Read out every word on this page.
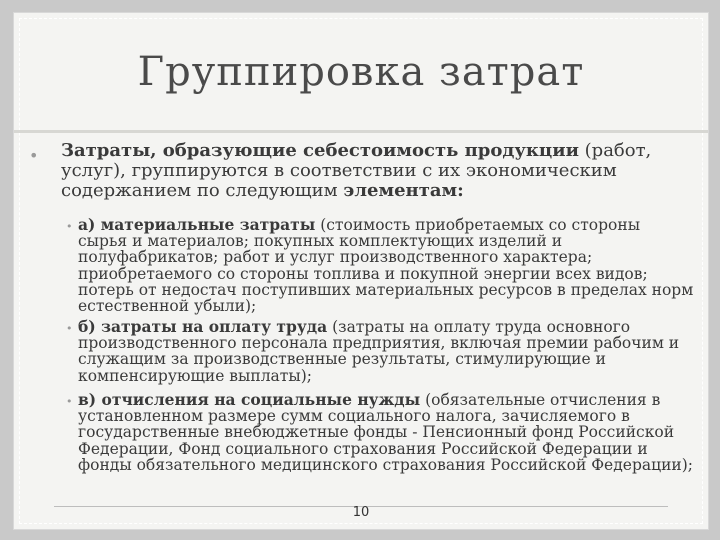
Группировка затрат
• Затраты, образующие себестоимость продукции (работ, услуг), группируются в соответствии с их экономическим содержанием по следующим элементам:

• а) материальные затраты (стоимость приобретаемых со стороны сырья и материалов; покупных комплектующих изделий и полуфабрикатов; работ и услуг производственного характера; приобретаемого со стороны топлива и покупной энергии всех видов; потерь от недостач поступивших материальных ресурсов в пределах норм естественной убыли);

• б) затраты на оплату труда (затраты на оплату труда основного производственного персонала предприятия, включая премии рабочим и служащим за производственные результаты, стимулирующие и компенсирующие выплаты);

• в) отчисления на социальные нужды (обязательные отчисления в установленном размере сумм социального налога, зачисляемого в государственные внебюджетные фонды - Пенсионный фонд Российской Федерации, Фонд социального страхования Российской Федерации и фонды обязательного медицинского страхования Российской Федерации);

10
